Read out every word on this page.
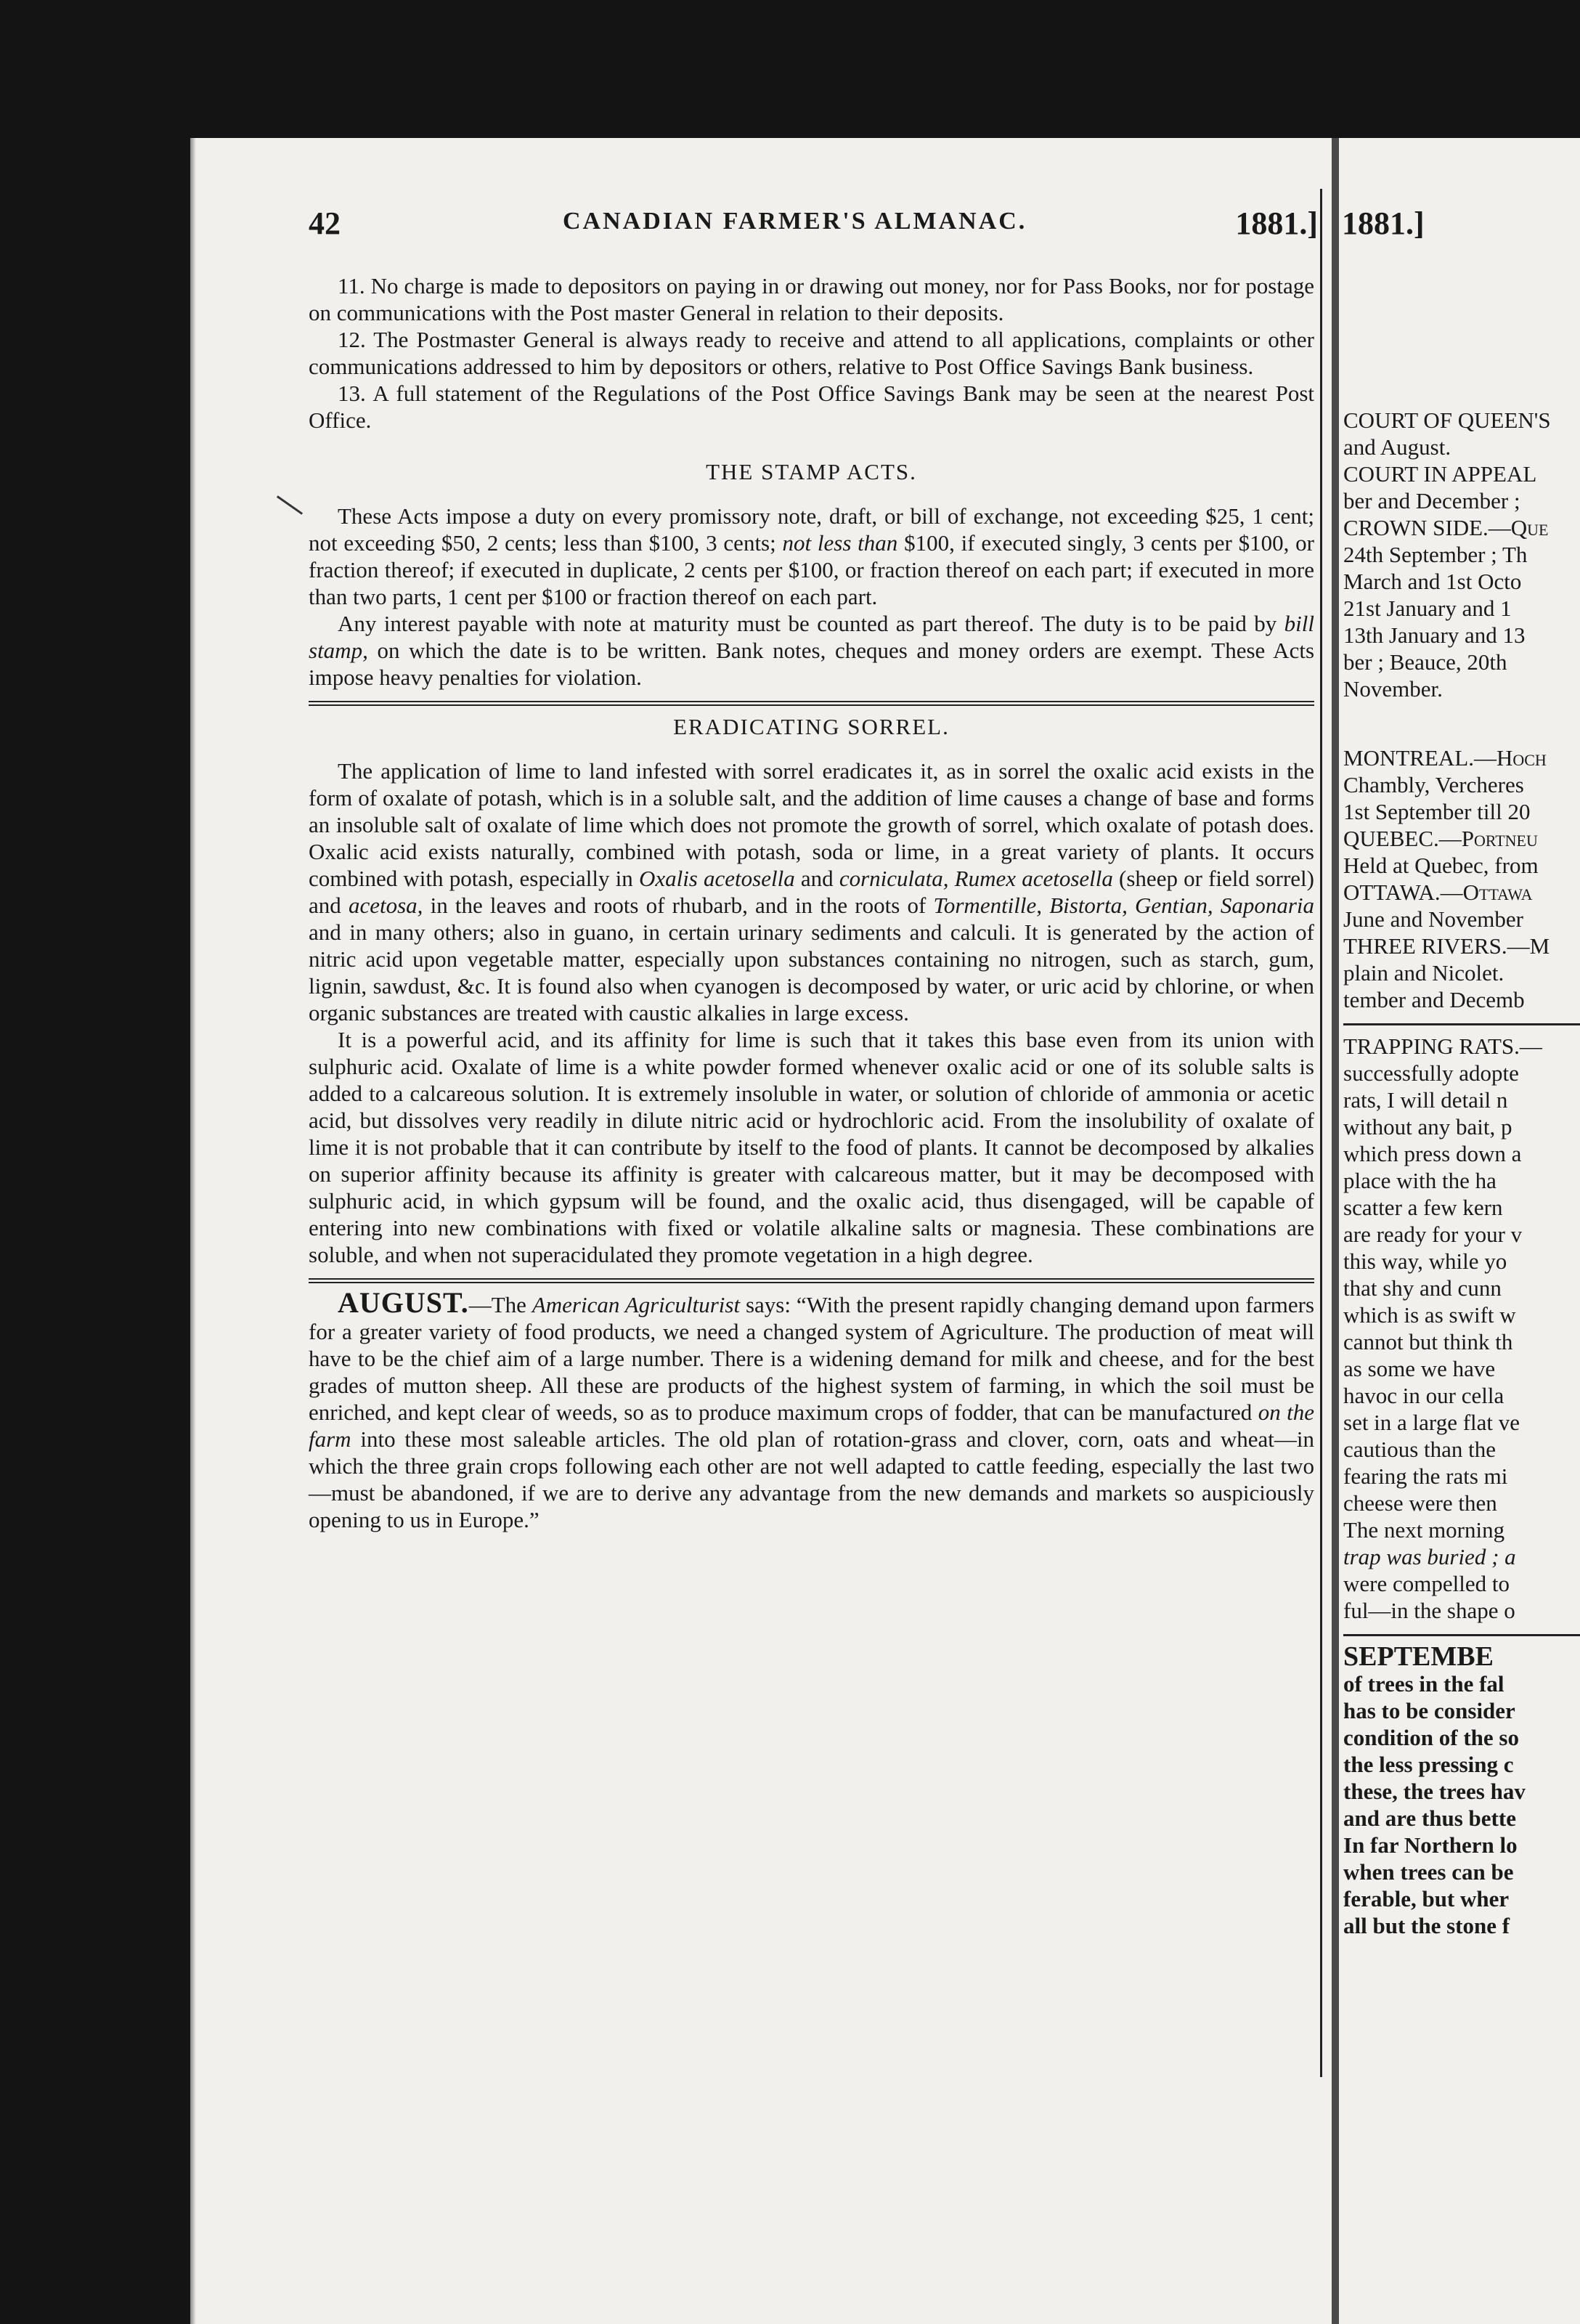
42	CANADIAN FARMER'S ALMANAC.	1881.] 1881.]

11. No charge is made to depositors on paying in or drawing out money, nor for Pass Books, nor for postage on communications with the Post master General in relation to their deposits.

12. The Postmaster General is always ready to receive and attend to all applications, complaints or other communications addressed to him by depositors or others, relative to Post Office Savings Bank business.

13. A full statement of the Regulations of the Post Office Savings Bank may be seen at the nearest Post Office.

THE STAMP ACTS.

These Acts impose a duty on every promissory note, draft, or bill of exchange, not exceeding $25, 1 cent; not exceeding $50, 2 cents; less than $100, 3 cents; not less than $100, if executed singly, 3 cents per $100, or fraction thereof; if executed in duplicate, 2 cents per $100, or fraction thereof on each part; if executed in more than two parts, 1 cent per $100 or fraction thereof on each part.

Any interest payable with note at maturity must be counted as part thereof. The duty is to be paid by bill stamp, on which the date is to be written. Bank notes, cheques and money orders are exempt. These Acts impose heavy penalties for violation.

ERADICATING SORREL.

The application of lime to land infested with sorrel eradicates it, as in sorrel the oxalic acid exists in the form of oxalate of potash, which is in a soluble salt, and the addition of lime causes a change of base and forms an insoluble salt of oxalate of lime which does not promote the growth of sorrel, which oxalate of potash does. Oxalic acid exists naturally, combined with potash, soda or lime, in a great variety of plants. It occurs combined with potash, especially in Oxalis acetosella and corniculata, Rumex acetosella (sheep or field sorrel) and acetosa, in the leaves and roots of rhubarb, and in the roots of Tormentille, Bistorta, Gentian, Saponaria and in many others; also in guano, in certain urinary sediments and calculi. It is generated by the action of nitric acid upon vegetable matter, especially upon substances containing no nitrogen, such as starch, gum, lignin, sawdust, &c. It is found also when cyanogen is decomposed by water, or uric acid by chlorine, or when organic substances are treated with caustic alkalies in large excess.

It is a powerful acid, and its affinity for lime is such that it takes this base even from its union with sulphuric acid. Oxalate of lime is a white powder formed whenever oxalic acid or one of its soluble salts is added to a calcareous solution. It is extremely insoluble in water, or solution of chloride of ammonia or acetic acid, but dissolves very readily in dilute nitric acid or hydrochloric acid. From the insolubility of oxalate of lime it is not probable that it can contribute by itself to the food of plants. It cannot be decomposed by alkalies on superior affinity because its affinity is greater with calcareous matter, but it may be decomposed with sulphuric acid, in which gypsum will be found, and the oxalic acid, thus disengaged, will be capable of entering into new combinations with fixed or volatile alkaline salts or magnesia. These combinations are soluble, and when not superacidulated they promote vegetation in a high degree.

AUGUST.—The American Agriculturist says: “With the present rapidly changing demand upon farmers for a greater variety of food products, we need a changed system of Agriculture. The production of meat will have to be the chief aim of a large number. There is a widening demand for milk and cheese, and for the best grades of mutton sheep. All these are products of the highest system of farming, in which the soil must be enriched, and kept clear of weeds, so as to produce maximum crops of fodder, that can be manufactured on the farm into these most saleable articles. The old plan of rotation-grass and clover, corn, oats and wheat—in which the three grain crops following each other are not well adapted to cattle feeding, especially the last two—must be abandoned, if we are to derive any advantage from the new demands and markets so auspiciously opening to us in Europe.”

COURT OF QUEEN'S
and August.
COURT IN APPEAL
ber and December ;
CROWN SIDE.—Que
24th September ; Th
March and 1st Octo
21st January and 1
13th January and 13
ber ; Beauce, 20th
November.
MONTREAL.—Hoch
Chambly, Vercheres
1st September till 20
QUEBEC.—Portneu
Held at Quebec, from
OTTAWA.—Ottawa
June and November
THREE RIVERS.—M
plain and Nicolet.
tember and Decemb
TRAPPING RATS.—
successfully adopte
rats, I will detail n
without any bait, p
which press down a
place with the ha
scatter a few kern
are ready for your v
this way, while yo
that shy and cunn
which is as swift w
cannot but think th
as some we have
havoc in our cella
set in a large flat ve
cautious than the
fearing the rats mi
cheese were then
The next morning
trap was buried ; a
were compelled to
ful—in the shape o
SEPTEMBE
of trees in the fal
has to be consider
condition of the so
the less pressing c
these, the trees hav
and are thus bette
In far Northern lo
when trees can be
ferable, but wher
all but the stone f
